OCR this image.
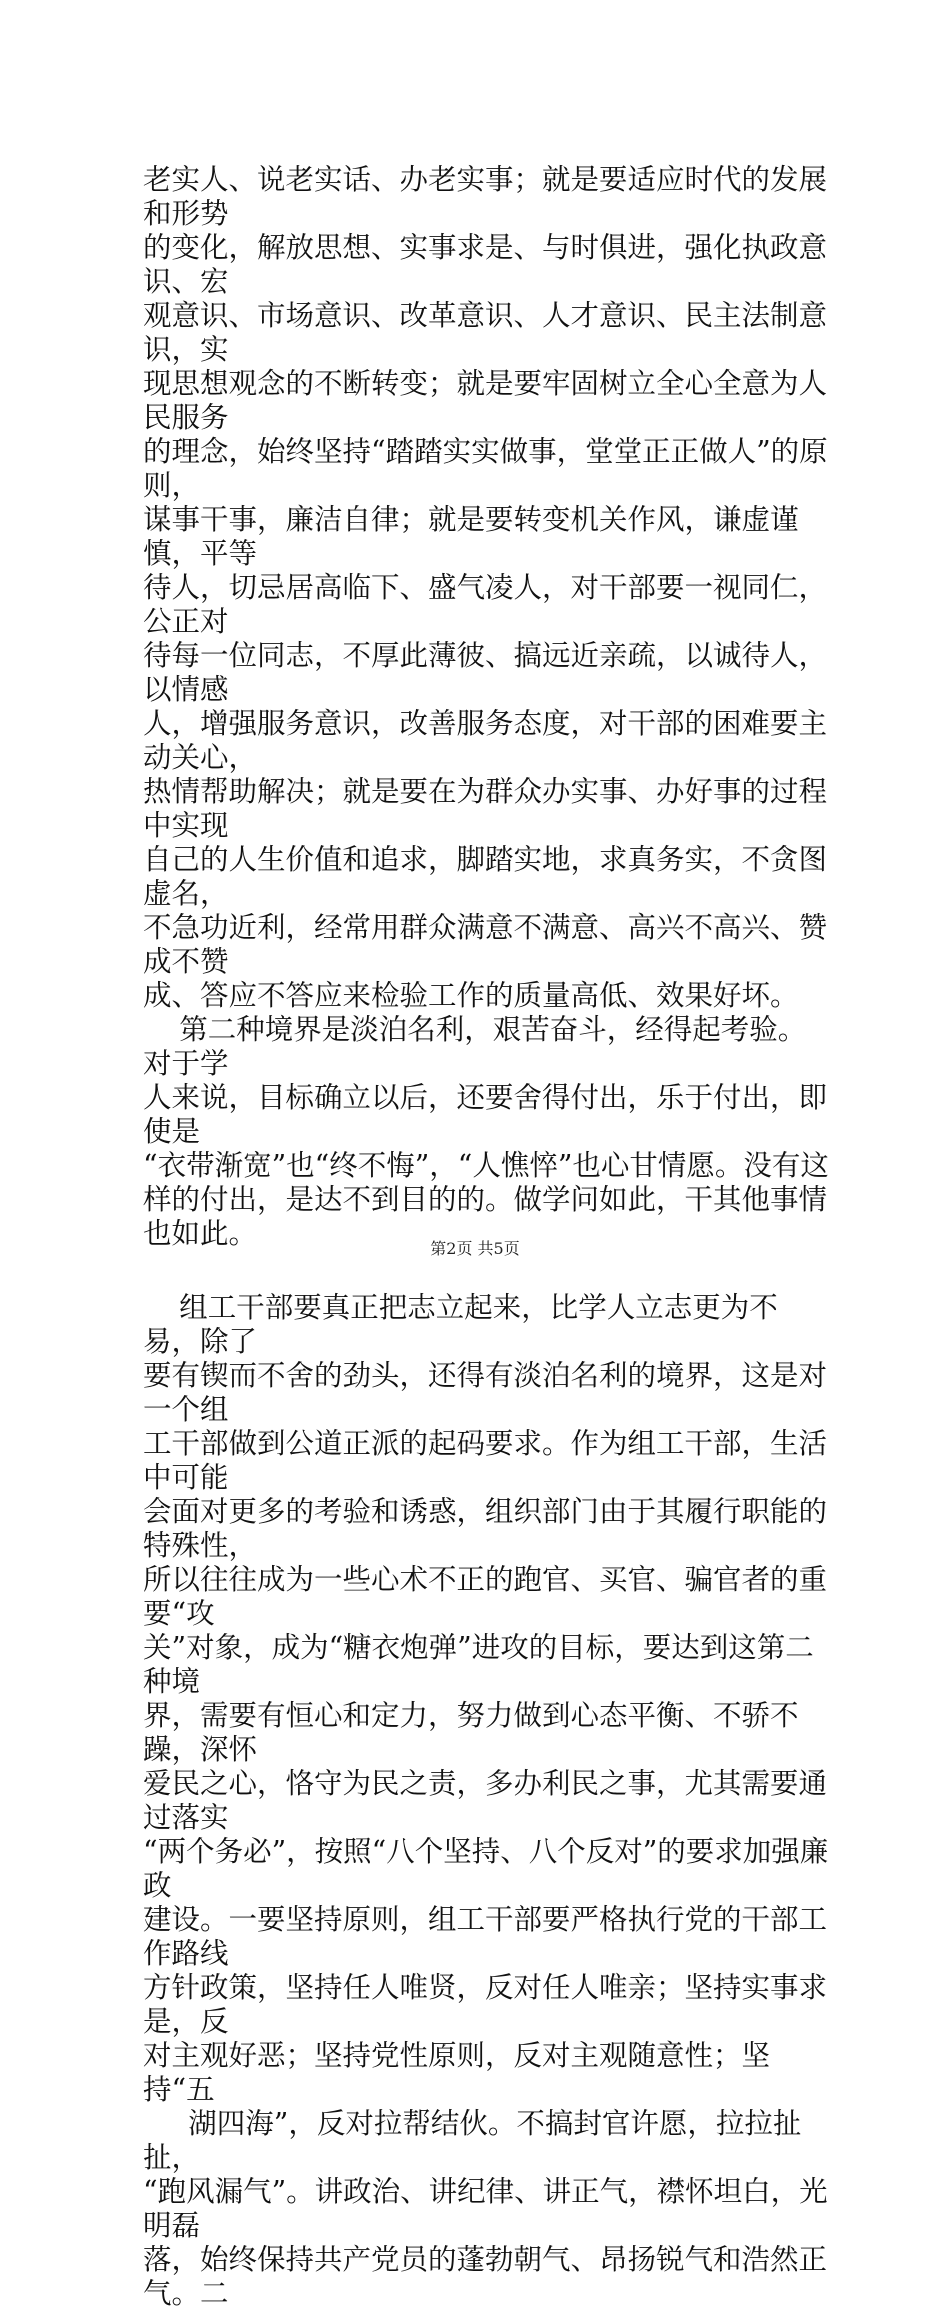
老实人、说老实话、办老实事；就是要适应时代的发展和形势
的变化，解放思想、实事求是、与时俱进，强化执政意识、宏
观意识、市场意识、改革意识、人才意识、民主法制意识，实
现思想观念的不断转变；就是要牢固树立全心全意为人民服务
的理念，始终坚持“踏踏实实做事，堂堂正正做人”的原则，
谋事干事，廉洁自律；就是要转变机关作风，谦虚谨慎，平等
待人，切忌居高临下、盛气凌人，对干部要一视同仁，公正对
待每一位同志，不厚此薄彼、搞远近亲疏，以诚待人，以情感
人，增强服务意识，改善服务态度，对干部的困难要主动关心，
热情帮助解决；就是要在为群众办实事、办好事的过程中实现
自己的人生价值和追求，脚踏实地，求真务实，不贪图虚名，
不急功近利，经常用群众满意不满意、高兴不高兴、赞成不赞
成、答应不答应来检验工作的质量高低、效果好坏。

第二种境界是淡泊名利，艰苦奋斗，经得起考验。对于学
人来说，目标确立以后，还要舍得付出，乐于付出，即使是
“衣带渐宽”也“终不悔”，“人憔悴”也心甘情愿。没有这
样的付出，是达不到目的的。做学问如此，干其他事情也如此。

组工干部要真正把志立起来，比学人立志更为不易，除了
要有锲而不舍的劲头，还得有淡泊名利的境界，这是对一个组
工干部做到公道正派的起码要求。作为组工干部，生活中可能
会面对更多的考验和诱惑，组织部门由于其履行职能的特殊性，
所以往往成为一些心术不正的跑官、买官、骗官者的重要“攻
关”对象，成为“糖衣炮弹”进攻的目标，要达到这第二种境
界，需要有恒心和定力，努力做到心态平衡、不骄不躁，深怀
爱民之心，恪守为民之责，多办利民之事，尤其需要通过落实
“两个务必”，按照“八个坚持、八个反对”的要求加强廉政
建设。一要坚持原则，组工干部要严格执行党的干部工作路线
方针政策，坚持任人唯贤，反对任人唯亲；坚持实事求是，反
对主观好恶；坚持党性原则，反对主观随意性；坚持“五

湖四海”，反对拉帮结伙。不搞封官许愿，拉拉扯扯，
“跑风漏气”。讲政治、讲纪律、讲正气，襟怀坦白，光明磊
落，始终保持共产党员的蓬勃朝气、昂扬锐气和浩然正气。二

第2页 共5页
